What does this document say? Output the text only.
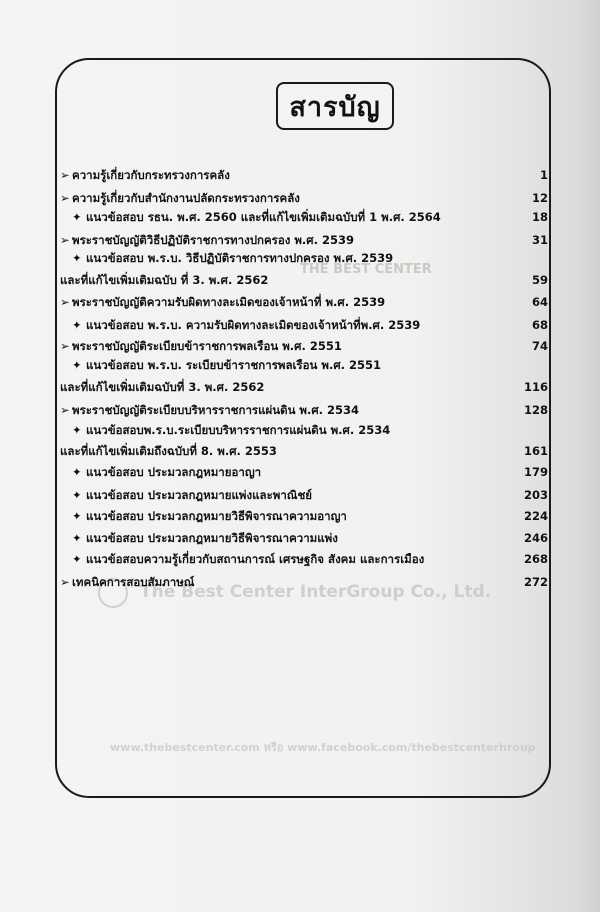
THE BEST CENTER
The Best Center InterGroup Co., Ltd.
www.thebestcenter.com หรือ www.facebook.com/thebestcenterhroup
สารบัญ
➢ ความรู้เกี่ยวกับกระทรวงการคลัง	1
➢ ความรู้เกี่ยวกับสำนักงานปลัดกระทรวงการคลัง	12
✦ แนวข้อสอบ รธน. พ.ศ. 2560 และที่แก้ไขเพิ่มเติมฉบับที่ 1 พ.ศ. 2564	18
➢ พระราชบัญญัติวิธีปฏิบัติราชการทางปกครอง พ.ศ. 2539	31
✦ แนวข้อสอบ พ.ร.บ. วิธีปฏิบัติราชการทางปกครอง พ.ศ. 2539
และที่แก้ไขเพิ่มเติมฉบับ ที่ 3. พ.ศ. 2562	59
➢ พระราชบัญญัติความรับผิดทางละเมิดของเจ้าหน้าที่ พ.ศ. 2539	64
✦ แนวข้อสอบ พ.ร.บ. ความรับผิดทางละเมิดของเจ้าหน้าที่พ.ศ. 2539	68
➢ พระราชบัญญัติระเบียบข้าราชการพลเรือน พ.ศ. 2551	74
✦ แนวข้อสอบ พ.ร.บ. ระเบียบข้าราชการพลเรือน พ.ศ. 2551
และที่แก้ไขเพิ่มเติมฉบับที่ 3. พ.ศ. 2562	116
➢ พระราชบัญญัติระเบียบบริหารราชการแผ่นดิน พ.ศ. 2534	128
✦ แนวข้อสอบพ.ร.บ.ระเบียบบริหารราชการแผ่นดิน พ.ศ. 2534
และที่แก้ไขเพิ่มเติมถึงฉบับที่ 8. พ.ศ. 2553	161
✦ แนวข้อสอบ ประมวลกฎหมายอาญา	179
✦ แนวข้อสอบ ประมวลกฎหมายแพ่งและพาณิชย์	203
✦ แนวข้อสอบ ประมวลกฎหมายวิธีพิจารณาความอาญา	224
✦ แนวข้อสอบ ประมวลกฎหมายวิธีพิจารณาความแพ่ง	246
✦ แนวข้อสอบความรู้เกี่ยวกับสถานการณ์ เศรษฐกิจ สังคม และการเมือง	268
➢ เทคนิคการสอบสัมภาษณ์	272
